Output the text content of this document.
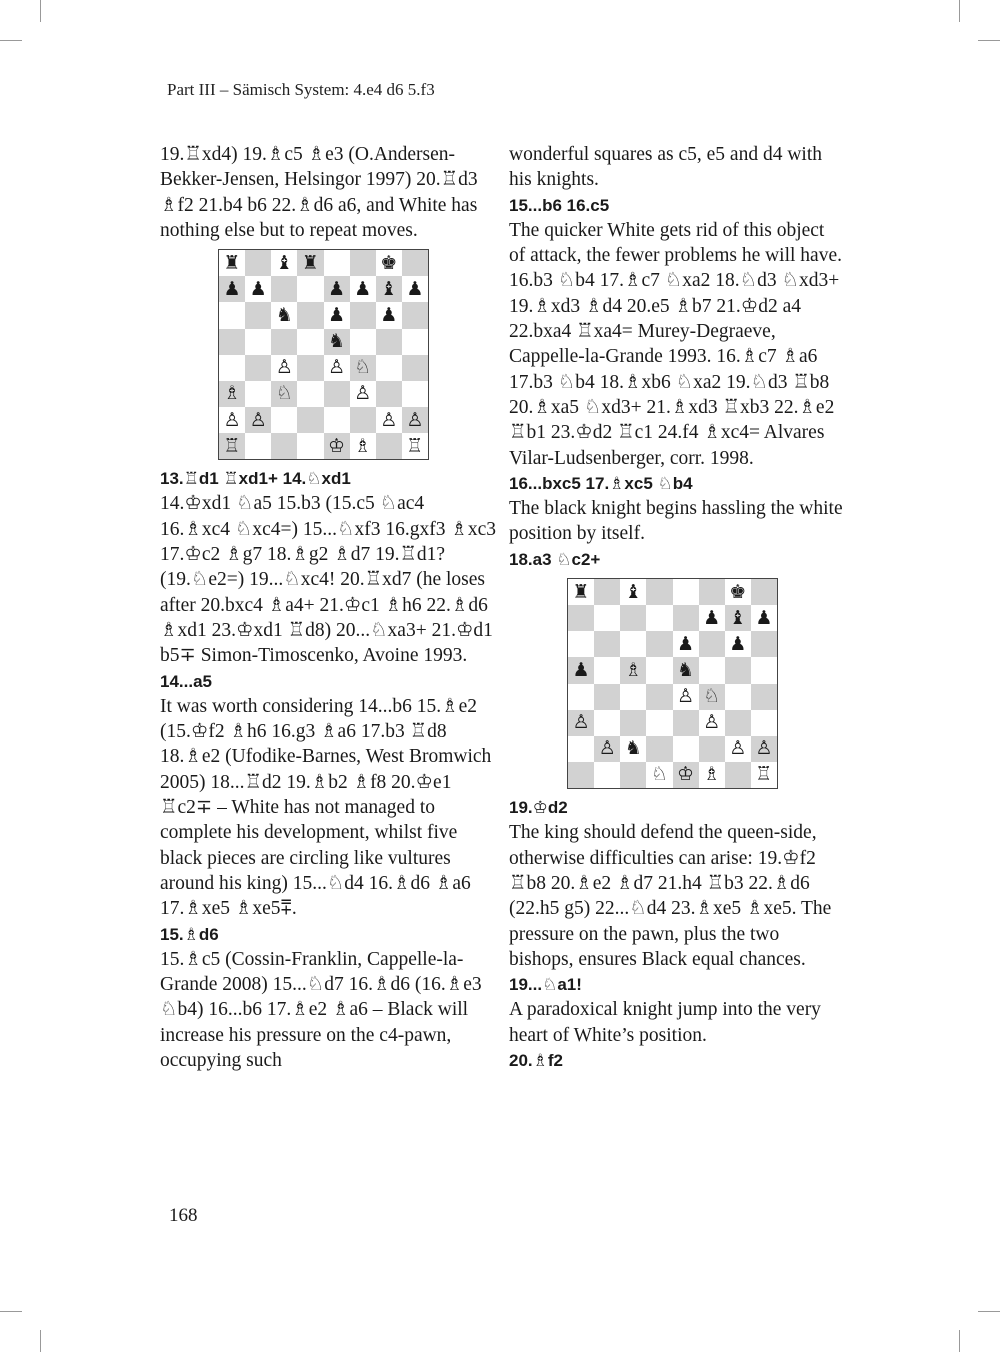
Part III – Sämisch System: 4.e4 d6 5.f3

19.♖xd4) 19.♗c5 ♗e3 (O.Andersen-Bekker-Jensen, Helsingor 1997) 20.♖d3 ♗f2 21.b4 b6 22.♗d6 a6, and White has nothing else but to repeat moves.

♜ ♝ ♜	♚
♟ ♟	♟ ♟ ♝ ♟
♞ ♟ ♟
♞
♙ ♙ ♘
♗ ♘	♙
♙ ♙	♙ ♙
♖	♔ ♗ ♖

13.♖d1 ♖xd1+ 14.♘xd1

14.♔xd1 ♘a5 15.b3 (15.c5 ♘ac4 16.♗xc4 ♘xc4=) 15...♘xf3 16.gxf3 ♗xc3 17.♔c2 ♗g7 18.♗g2 ♗d7 19.♖d1? (19.♘e2=) 19...♘xc4! 20.♖xd7 (he loses after 20.bxc4 ♗a4+ 21.♔c1 ♗h6 22.♗d6 ♗xd1 23.♔xd1 ♖d8) 20...♘xa3+ 21.♔d1 b5∓ Simon-Timoscenko, Avoine 1993.

14...a5

It was worth considering 14...b6 15.♗e2 (15.♔f2 ♗h6 16.g3 ♗a6 17.b3 ♖d8 18.♗e2 (Ufodike-Barnes, West Bromwich 2005) 18...♖d2 19.♗b2 ♗f8 20.♔e1 ♖c2∓ – White has not managed to complete his development, whilst five black pieces are circling like vultures around his king) 15...♘d4 16.♗d6 ♗a6 17.♗xe5 ♗xe5⩱.

15.♗d6

15.♗c5 (Cossin-Franklin, Cappelle-la-Grande 2008) 15...♘d7 16.♗d6 (16.♗e3 ♘b4) 16...b6 17.♗e2 ♗a6 – Black will increase his pressure on the c4-pawn, occupying such

wonderful squares as c5, e5 and d4 with his knights.

15...b6 16.c5

The quicker White gets rid of this object of attack, the fewer problems he will have.

16.b3 ♘b4 17.♗c7 ♘xa2 18.♘d3 ♘xd3+ 19.♗xd3 ♗d4 20.e5 ♗b7 21.♔d2 a4 22.bxa4 ♖xa4= Murey-Degraeve, Cappelle-la-Grande 1993. 16.♗c7 ♗a6 17.b3 ♘b4 18.♗xb6 ♘xa2 19.♘d3 ♖b8 20.♗xa5 ♘xd3+ 21.♗xd3 ♖xb3 22.♗e2 ♖b1 23.♔d2 ♖c1 24.f4 ♗xc4= Alvares Vilar-Ludsenberger, corr. 1998.

16...bxc5 17.♗xc5 ♘b4

The black knight begins hassling the white position by itself.

18.a3 ♘c2+

♜ ♝	♚
♟ ♝ ♟
♟ ♟
♟ ♗ ♞
♙ ♘
♙	♙
♙ ♞	♙ ♙
♘ ♔ ♗ ♖

19.♔d2

The king should defend the queen-side, otherwise difficulties can arise: 19.♔f2 ♖b8 20.♗e2 ♗d7 21.h4 ♖b3 22.♗d6 (22.h5 g5) 22...♘d4 23.♗xe5 ♗xe5. The pressure on the pawn, plus the two bishops, ensures Black equal chances.

19...♘a1!

A paradoxical knight jump into the very heart of White’s position.

20.♗f2

168
